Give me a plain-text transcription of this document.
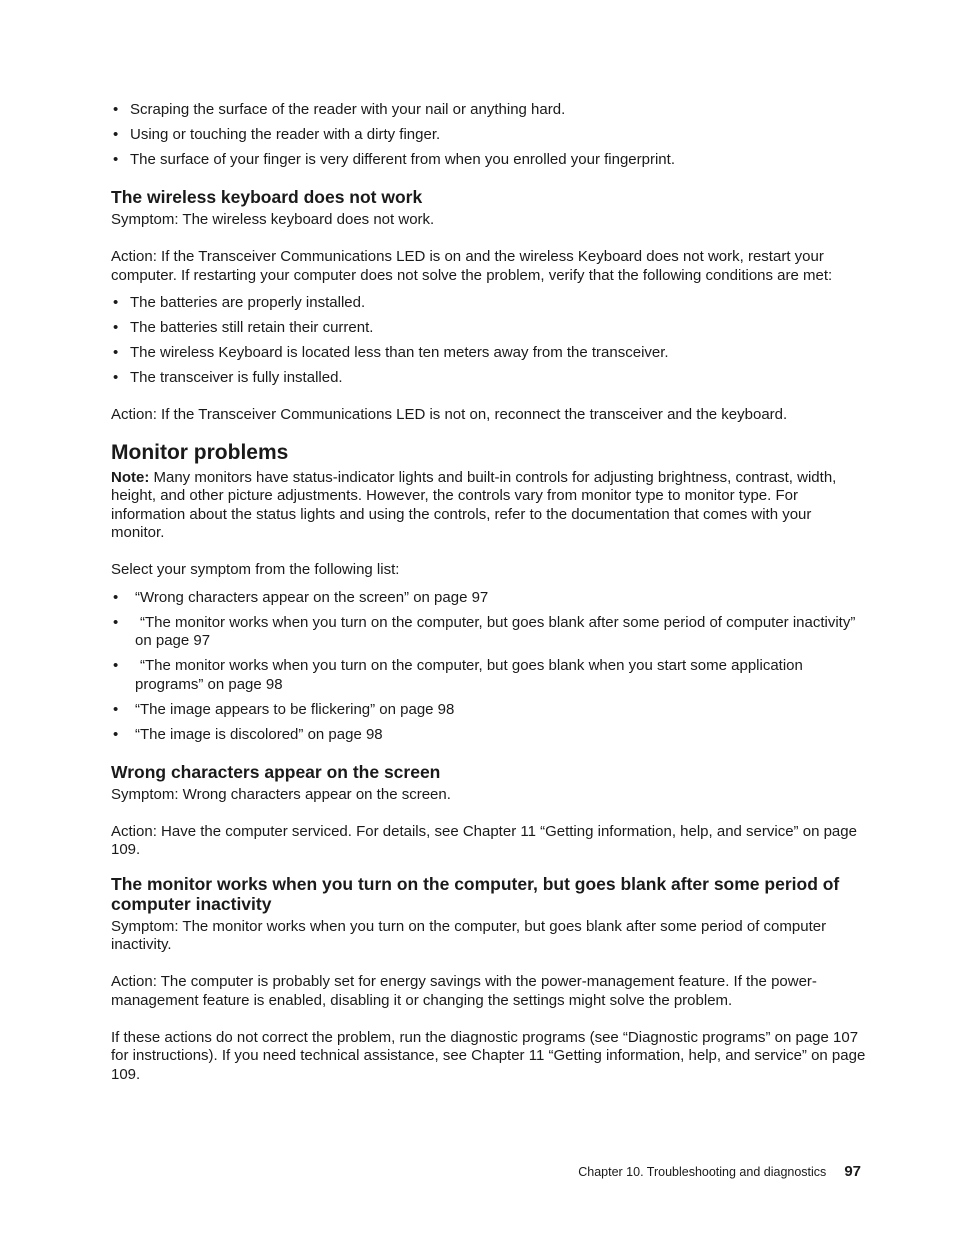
• Scraping the surface of the reader with your nail or anything hard.
• Using or touching the reader with a dirty finger.
• The surface of your finger is very different from when you enrolled your fingerprint.
The wireless keyboard does not work

Symptom: The wireless keyboard does not work.

Action: If the Transceiver Communications LED is on and the wireless Keyboard does not work, restart your computer. If restarting your computer does not solve the problem, verify that the following conditions are met:

• The batteries are properly installed.
• The batteries still retain their current.
• The wireless Keyboard is located less than ten meters away from the transceiver.
• The transceiver is fully installed.

Action: If the Transceiver Communications LED is not on, reconnect the transceiver and the keyboard.

Monitor problems

Note: Many monitors have status-indicator lights and built-in controls for adjusting brightness, contrast, width, height, and other picture adjustments. However, the controls vary from monitor type to monitor type. For information about the status lights and using the controls, refer to the documentation that comes with your monitor.

Select your symptom from the following list:

• “Wrong characters appear on the screen” on page 97
•	“The monitor works when you turn on the computer, but goes blank after some period of computer inactivity” on page 97
•	“The monitor works when you turn on the computer, but goes blank when you start some application programs” on page 98
• “The image appears to be flickering” on page 98
• “The image is discolored” on page 98
Wrong characters appear on the screen

Symptom: Wrong characters appear on the screen.

Action: Have the computer serviced. For details, see Chapter 11 “Getting information, help, and service” on page 109.

The monitor works when you turn on the computer, but goes blank after some period of computer inactivity

Symptom: The monitor works when you turn on the computer, but goes blank after some period of computer inactivity.

Action: The computer is probably set for energy savings with the power-management feature. If the power-management feature is enabled, disabling it or changing the settings might solve the problem.

If these actions do not correct the problem, run the diagnostic programs (see “Diagnostic programs” on page 107 for instructions). If you need technical assistance, see Chapter 11 “Getting information, help, and service” on page 109.

Chapter 10. Troubleshooting and diagnostics 97
